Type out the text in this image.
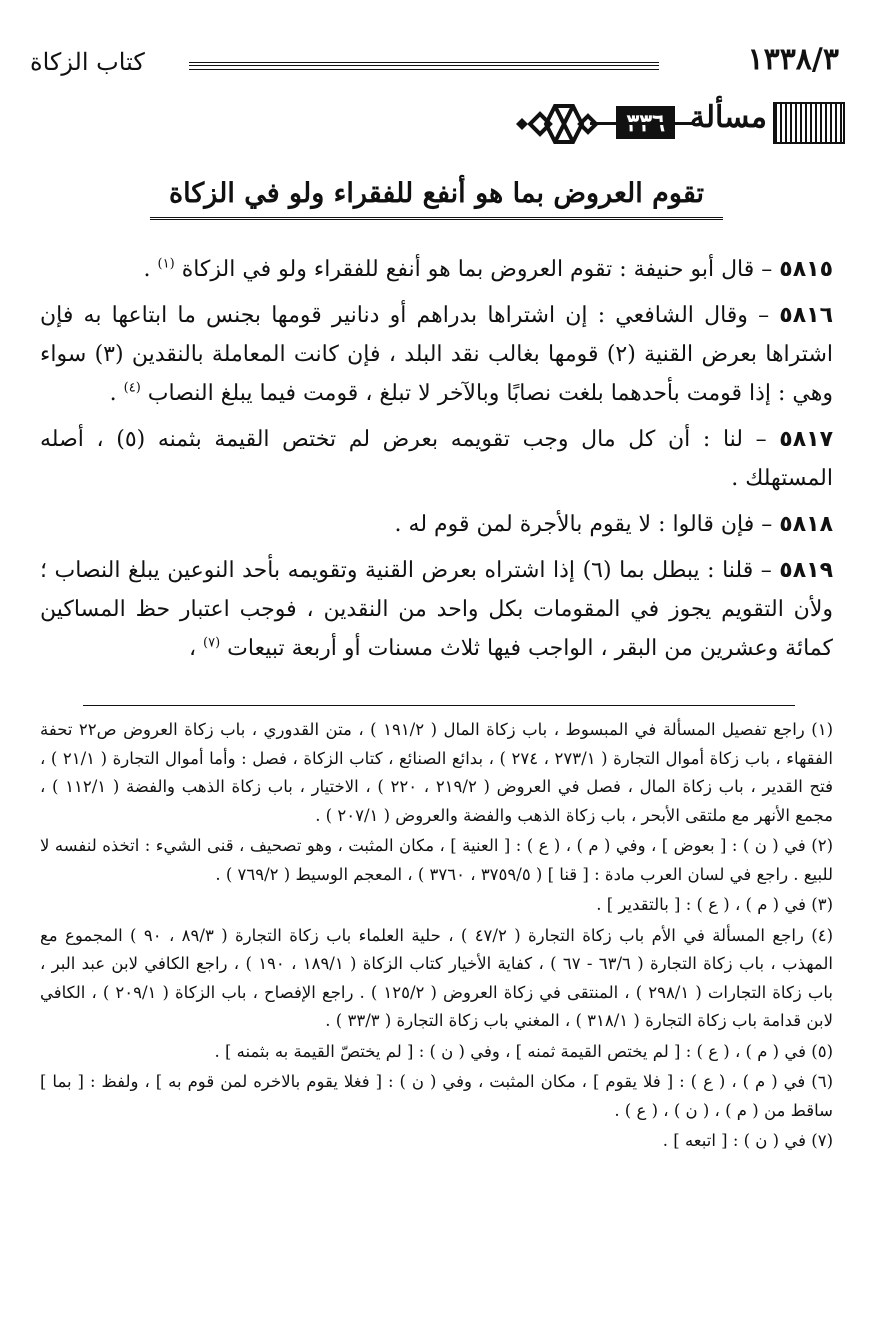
١٣٣٨/٣
كتاب الزكاة
مسألة
٣٣٦
تقوم العروض بما هو أنفع للفقراء ولو في الزكاة

٥٨١٥ – قال أبو حنيفة : تقوم العروض بما هو أنفع للفقراء ولو في الزكاة $^{(١)}$ .

٥٨١٦ – وقال الشافعي : إن اشتراها بدراهم أو دنانير قومها بجنس ما ابتاعها به فإن اشتراها بعرض القنية (٢) قومها بغالب نقد البلد ، فإن كانت المعاملة بالنقدين (٣) سواء وهي : إذا قومت بأحدهما بلغت نصابًا وبالآخر لا تبلغ ، قومت فيما يبلغ النصاب $^{(٤)}$ .

٥٨١٧ – لنا : أن كل مال وجب تقويمه بعرض لم تختص القيمة بثمنه (٥) ، أصله المستهلك .

٥٨١٨ – فإن قالوا : لا يقوم بالأجرة لمن قوم له .

٥٨١٩ – قلنا : يبطل بما (٦) إذا اشتراه بعرض القنية وتقويمه بأحد النوعين يبلغ النصاب ؛ ولأن التقويم يجوز في المقومات بكل واحد من النقدين ، فوجب اعتبار حظ المساكين كمائة وعشرين من البقر ، الواجب فيها ثلاث مسنات أو أربعة تبيعات $^{(٧)}$ ،

(١) راجع تفصيل المسألة في المبسوط ، باب زكاة المال ( ١٩١/٢ ) ، متن القدوري ، باب زكاة العروض ص٢٢ تحفة الفقهاء ، باب زكاة أموال التجارة ( ٢٧٣/١ ، ٢٧٤ ) ، بدائع الصنائع ، كتاب الزكاة ، فصل : وأما أموال التجارة ( ٢١/١ ) ، فتح القدير ، باب زكاة المال ، فصل في العروض ( ٢١٩/٢ ، ٢٢٠ ) ، الاختيار ، باب زكاة الذهب والفضة ( ١١٢/١ ) ، مجمع الأنهر مع ملتقى الأبحر ، باب زكاة الذهب والفضة والعروض ( ٢٠٧/١ ) .

(٢) في ( ن ) : [ بعوض ] ، وفي ( م ) ، ( ع ) : [ العنية ] ، مكان المثبت ، وهو تصحيف ، قنى الشيء : اتخذه لنفسه لا للبيع . راجع في لسان العرب مادة : [ قنا ] ( ٣٧٥٩/٥ ، ٣٧٦٠ ) ، المعجم الوسيط ( ٧٦٩/٢ ) .

(٣) في ( م ) ، ( ع ) : [ بالتقدير ] .

(٤) راجع المسألة في الأم باب زكاة التجارة ( ٤٧/٢ ) ، حلية العلماء باب زكاة التجارة ( ٨٩/٣ ، ٩٠ ) المجموع مع المهذب ، باب زكاة التجارة ( ٦٣/٦ - ٦٧ ) ، كفاية الأخيار كتاب الزكاة ( ١٨٩/١ ، ١٩٠ ) ، راجع الكافي لابن عبد البر ، باب زكاة التجارات ( ٢٩٨/١ ) ، المنتقى في زكاة العروض ( ١٢٥/٢ ) . راجع الإفصاح ، باب الزكاة ( ٢٠٩/١ ) ، الكافي لابن قدامة باب زكاة التجارة ( ٣١٨/١ ) ، المغني باب زكاة التجارة ( ٣٣/٣ ) .

(٥) في ( م ) ، ( ع ) : [ لم يختص القيمة ثمنه ] ، وفي ( ن ) : [ لم يختصّ القيمة به بثمنه ] .

(٦) في ( م ) ، ( ع ) : [ فلا يقوم ] ، مكان المثبت ، وفي ( ن ) : [ فغلا يقوم بالاخره لمن قوم به ] ، ولفظ : [ بما ] ساقط من ( م ) ، ( ن ) ، ( ع ) .

(٧) في ( ن ) : [ اتبعه ] .
